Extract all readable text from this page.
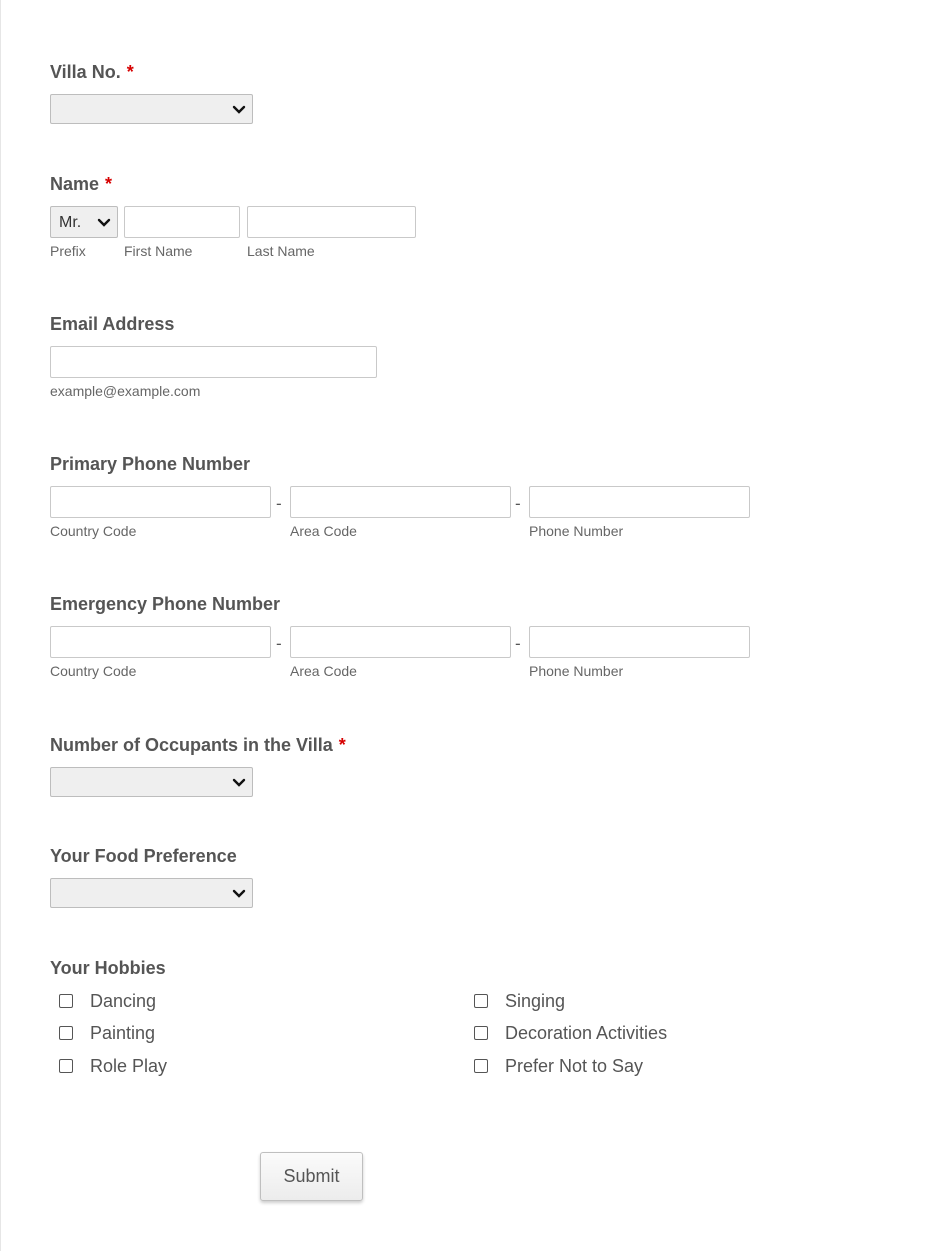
Villa No. *
Name *
Mr.
Prefix	First Name	Last Name
Email Address
example@example.com
Primary Phone Number
-	-
Country Code	Area Code	Phone Number
Emergency Phone Number
-	-
Country Code	Area Code	Phone Number
Number of Occupants in the Villa *
Your Food Preference
Your Hobbies
Dancing
Painting
Role Play
Singing
Decoration Activities
Prefer Not to Say
Submit
